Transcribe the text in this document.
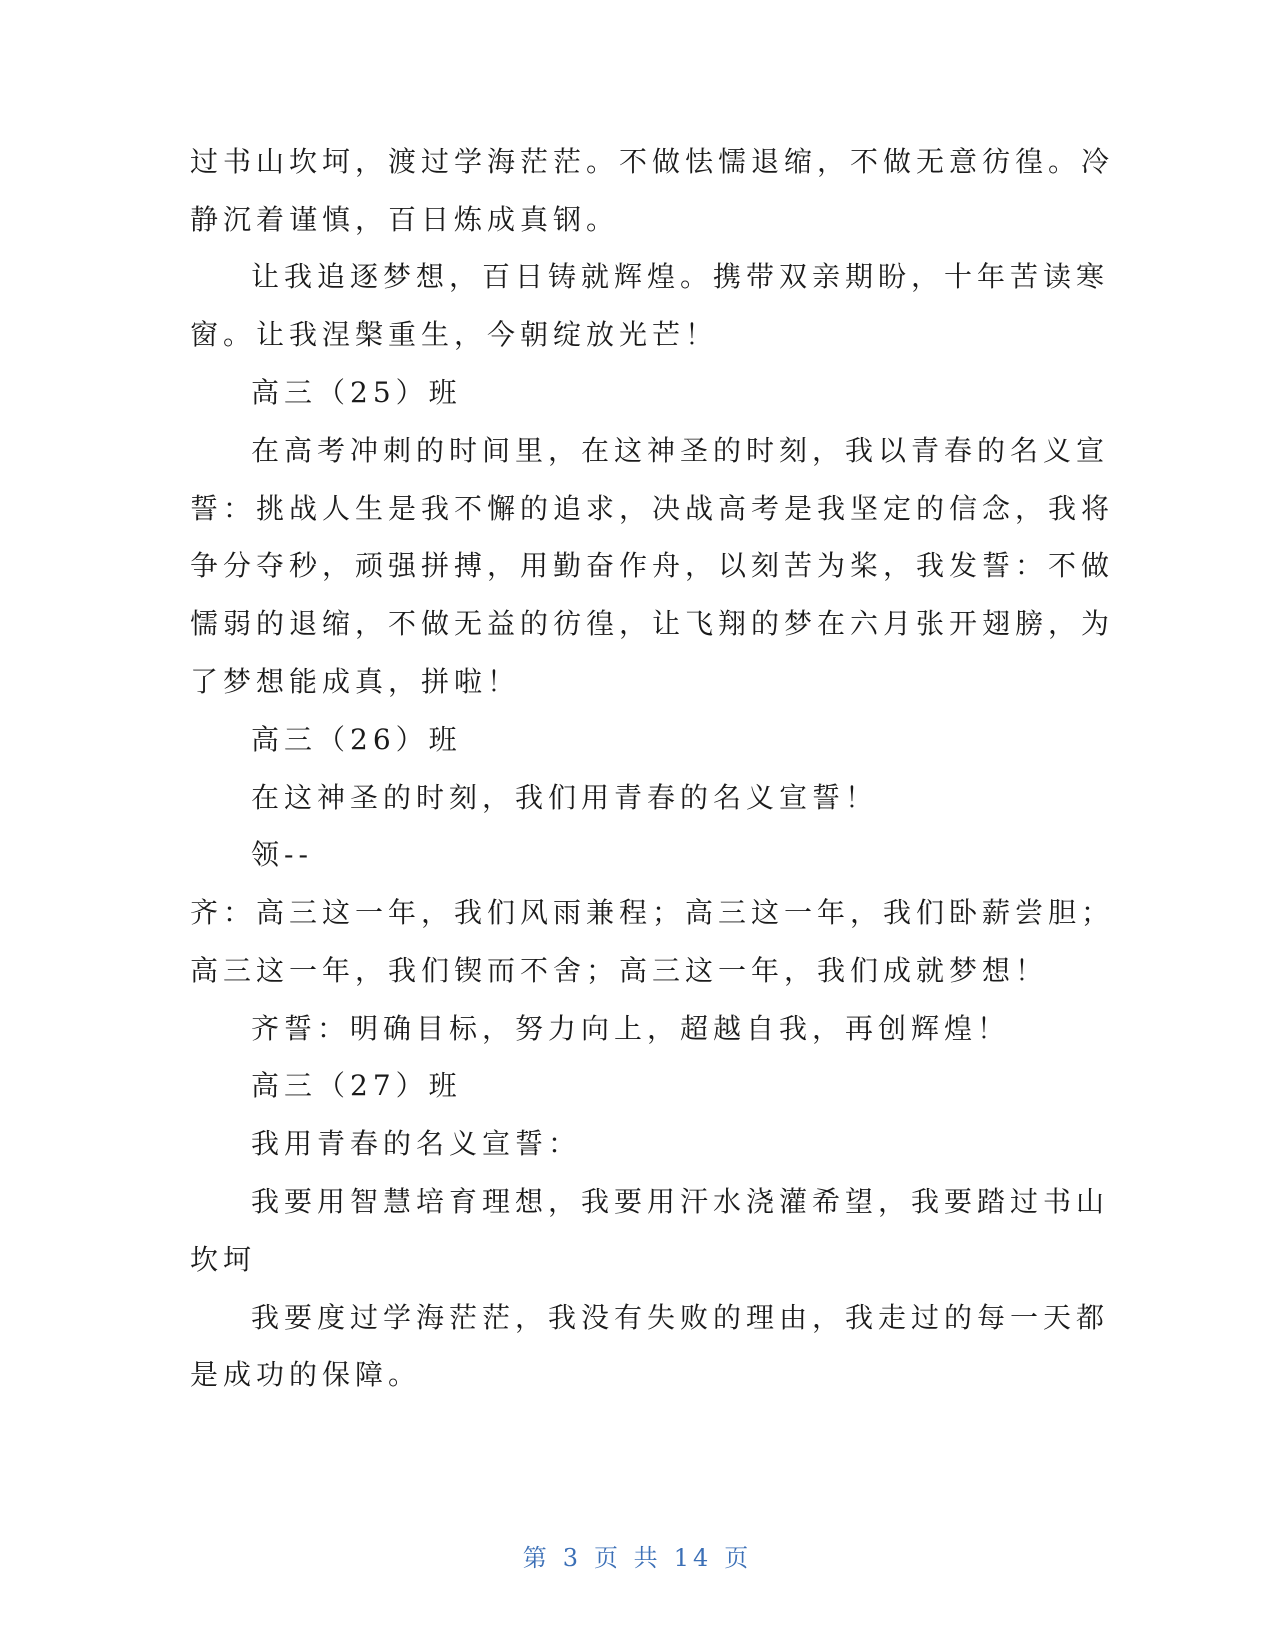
过书山坎坷，渡过学海茫茫。不做怯懦退缩，不做无意彷徨。冷
静沉着谨慎，百日炼成真钢。
让我追逐梦想，百日铸就辉煌。携带双亲期盼，十年苦读寒
窗。让我涅槃重生，今朝绽放光芒！
高三（25）班
在高考冲刺的时间里，在这神圣的时刻，我以青春的名义宣
誓：挑战人生是我不懈的追求，决战高考是我坚定的信念，我将
争分夺秒，顽强拼搏，用勤奋作舟，以刻苦为桨，我发誓：不做
懦弱的退缩，不做无益的彷徨，让飞翔的梦在六月张开翅膀，为
了梦想能成真，拼啦！
高三（26）班
在这神圣的时刻，我们用青春的名义宣誓！
领--
齐：高三这一年，我们风雨兼程；高三这一年，我们卧薪尝胆；
高三这一年，我们锲而不舍；高三这一年，我们成就梦想！
齐誓：明确目标，努力向上，超越自我，再创辉煌！
高三（27）班
我用青春的名义宣誓：
我要用智慧培育理想，我要用汗水浇灌希望，我要踏过书山
坎坷
我要度过学海茫茫，我没有失败的理由，我走过的每一天都
是成功的保障。
第 3 页 共 14 页
